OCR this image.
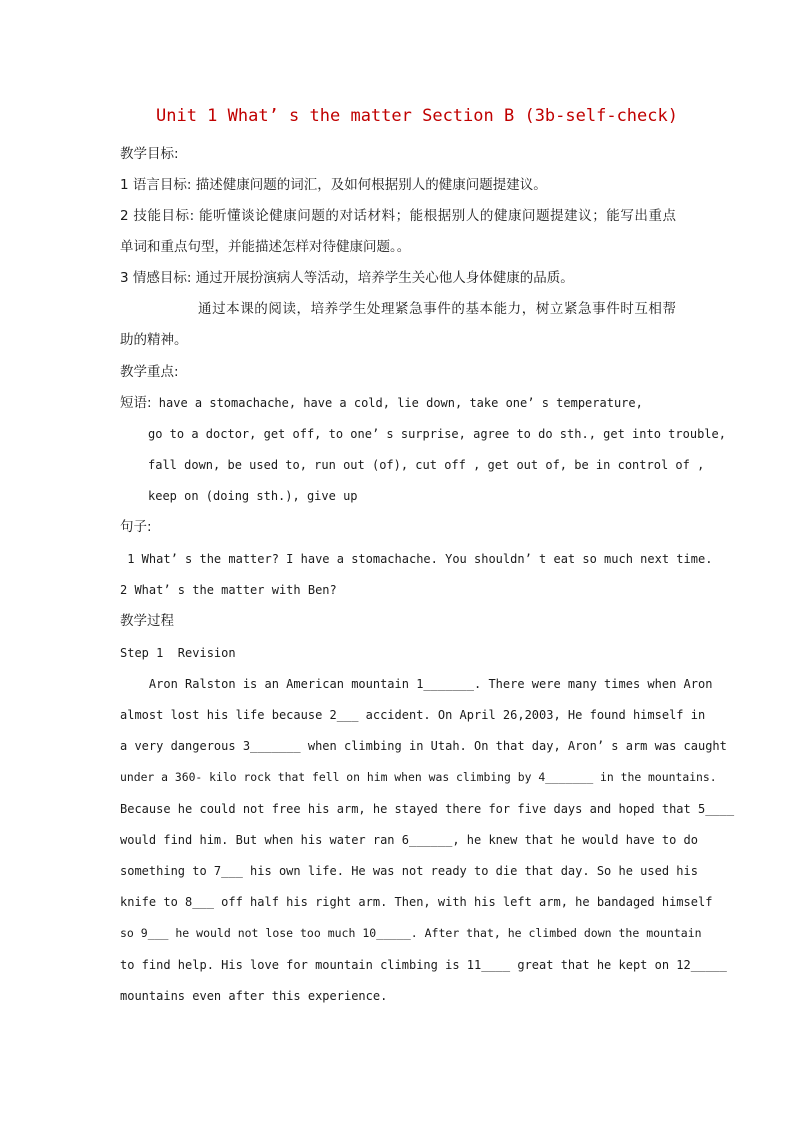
Unit 1 What’ s the matter Section B (3b-self-check)
教学目标:
1 语言目标: 描述健康问题的词汇，及如何根据别人的健康问题提建议。
2 技能目标: 能听懂谈论健康问题的对话材料；能根据别人的健康问题提建议；能写出重点
单词和重点句型，并能描述怎样对待健康问题。。
3 情感目标: 通过开展扮演病人等活动，培养学生关心他人身体健康的品质。
通过本课的阅读，培养学生处理紧急事件的基本能力，树立紧急事件时互相帮
助的精神。
教学重点:
短语: have a stomachache, have a cold, lie down, take one’ s temperature,
go to a doctor, get off, to one’ s surprise, agree to do sth., get into trouble,
fall down, be used to, run out (of), cut off , get out of, be in control of ,
keep on (doing sth.), give up
句子:
1 What’ s the matter? I have a stomachache. You shouldn’ t eat so much next time.
2 What’ s the matter with Ben?
教学过程
Step 1  Revision
Aron Ralston is an American mountain 1_______. There were many times when Aron
almost lost his life because 2___ accident. On April 26,2003, He found himself in
a very dangerous 3_______ when climbing in Utah. On that day, Aron’ s arm was caught
under a 360- kilo rock that fell on him when was climbing by 4_______ in the mountains.
Because he could not free his arm, he stayed there for five days and hoped that 5____
would find him. But when his water ran 6______, he knew that he would have to do
something to 7___ his own life. He was not ready to die that day. So he used his
knife to 8___ off half his right arm. Then, with his left arm, he bandaged himself
so 9___ he would not lose too much 10_____. After that, he climbed down the mountain
to find help. His love for mountain climbing is 11____ great that he kept on 12_____
mountains even after this experience.
